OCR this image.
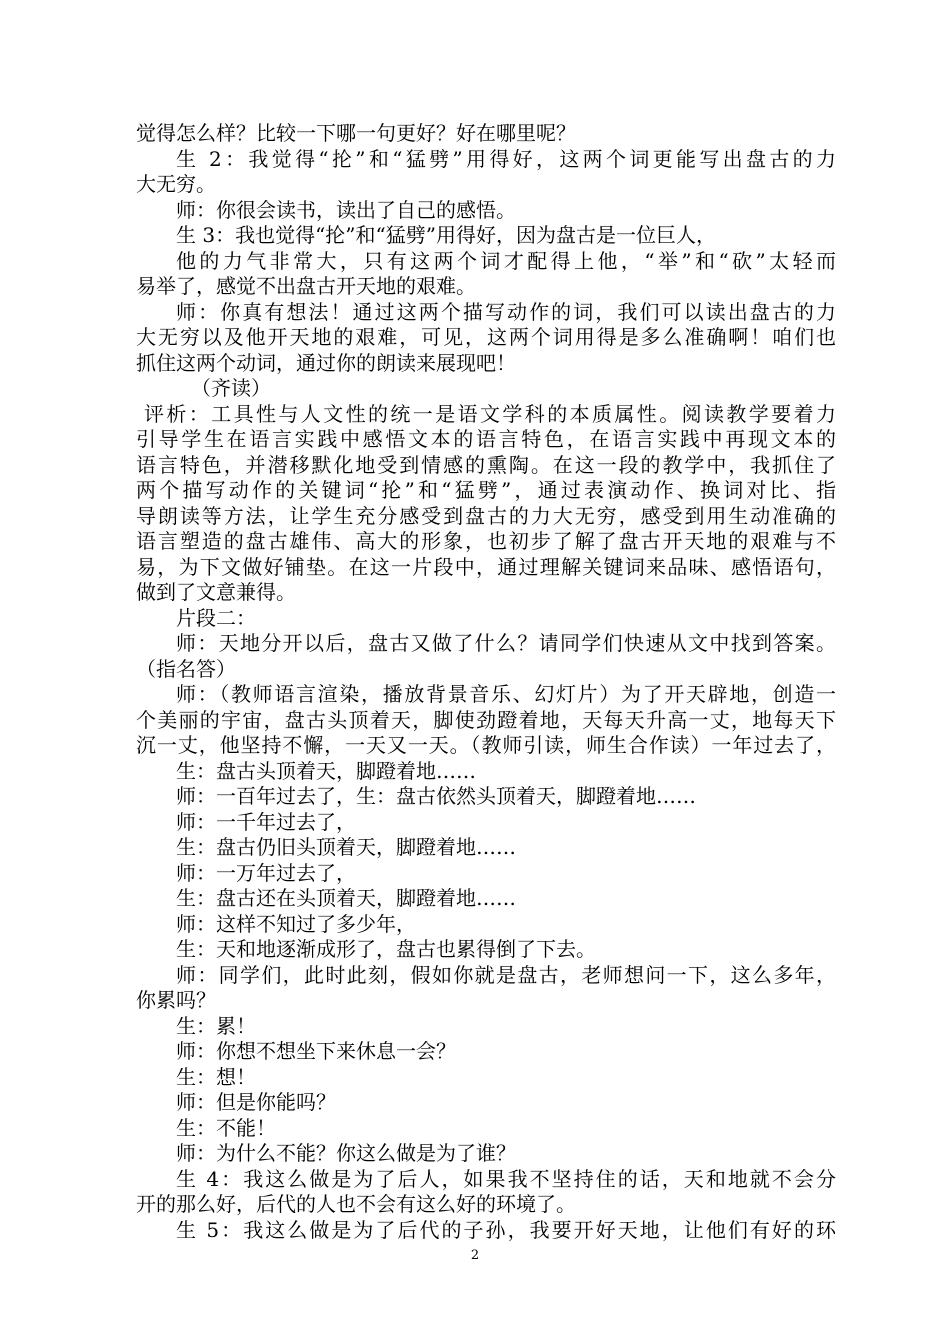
觉得怎么样？比较一下哪一句更好？好在哪里呢？
生 2：我觉得“抡”和“猛劈”用得好，这两个词更能写出盘古的力
大无穷。
师：你很会读书，读出了自己的感悟。
生 3：我也觉得“抡”和“猛劈”用得好，因为盘古是一位巨人，
他的力气非常大，只有这两个词才配得上他，“举”和“砍”太轻而
易举了，感觉不出盘古开天地的艰难。
师：你真有想法！通过这两个描写动作的词，我们可以读出盘古的力
大无穷以及他开天地的艰难，可见，这两个词用得是多么准确啊！咱们也
抓住这两个动词，通过你的朗读来展现吧！
（齐读）
评析：工具性与人文性的统一是语文学科的本质属性。阅读教学要着力
引导学生在语言实践中感悟文本的语言特色，在语言实践中再现文本的
语言特色，并潜移默化地受到情感的熏陶。在这一段的教学中，我抓住了
两个描写动作的关键词“抡”和“猛劈”，通过表演动作、换词对比、指
导朗读等方法，让学生充分感受到盘古的力大无穷，感受到用生动准确的
语言塑造的盘古雄伟、高大的形象，也初步了解了盘古开天地的艰难与不
易，为下文做好铺垫。在这一片段中，通过理解关键词来品味、感悟语句，
做到了文意兼得。
片段二：
师：天地分开以后，盘古又做了什么？请同学们快速从文中找到答案。
（指名答）
师：（教师语言渲染，播放背景音乐、幻灯片）为了开天辟地，创造一
个美丽的宇宙，盘古头顶着天，脚使劲蹬着地，天每天升高一丈，地每天下
沉一丈，他坚持不懈，一天又一天。（教师引读，师生合作读）一年过去了，
生：盘古头顶着天，脚蹬着地……
师：一百年过去了，生：盘古依然头顶着天，脚蹬着地……
师：一千年过去了，
生：盘古仍旧头顶着天，脚蹬着地……
师：一万年过去了，
生：盘古还在头顶着天，脚蹬着地……
师：这样不知过了多少年，
生：天和地逐渐成形了，盘古也累得倒了下去。
师：同学们，此时此刻，假如你就是盘古，老师想问一下，这么多年，
你累吗？
生：累！
师：你想不想坐下来休息一会？
生：想！
师：但是你能吗？
生：不能！
师：为什么不能？你这么做是为了谁？
生 4：我这么做是为了后人，如果我不坚持住的话，天和地就不会分
开的那么好，后代的人也不会有这么好的环境了。
生 5：我这么做是为了后代的子孙，我要开好天地，让他们有好的环
2
